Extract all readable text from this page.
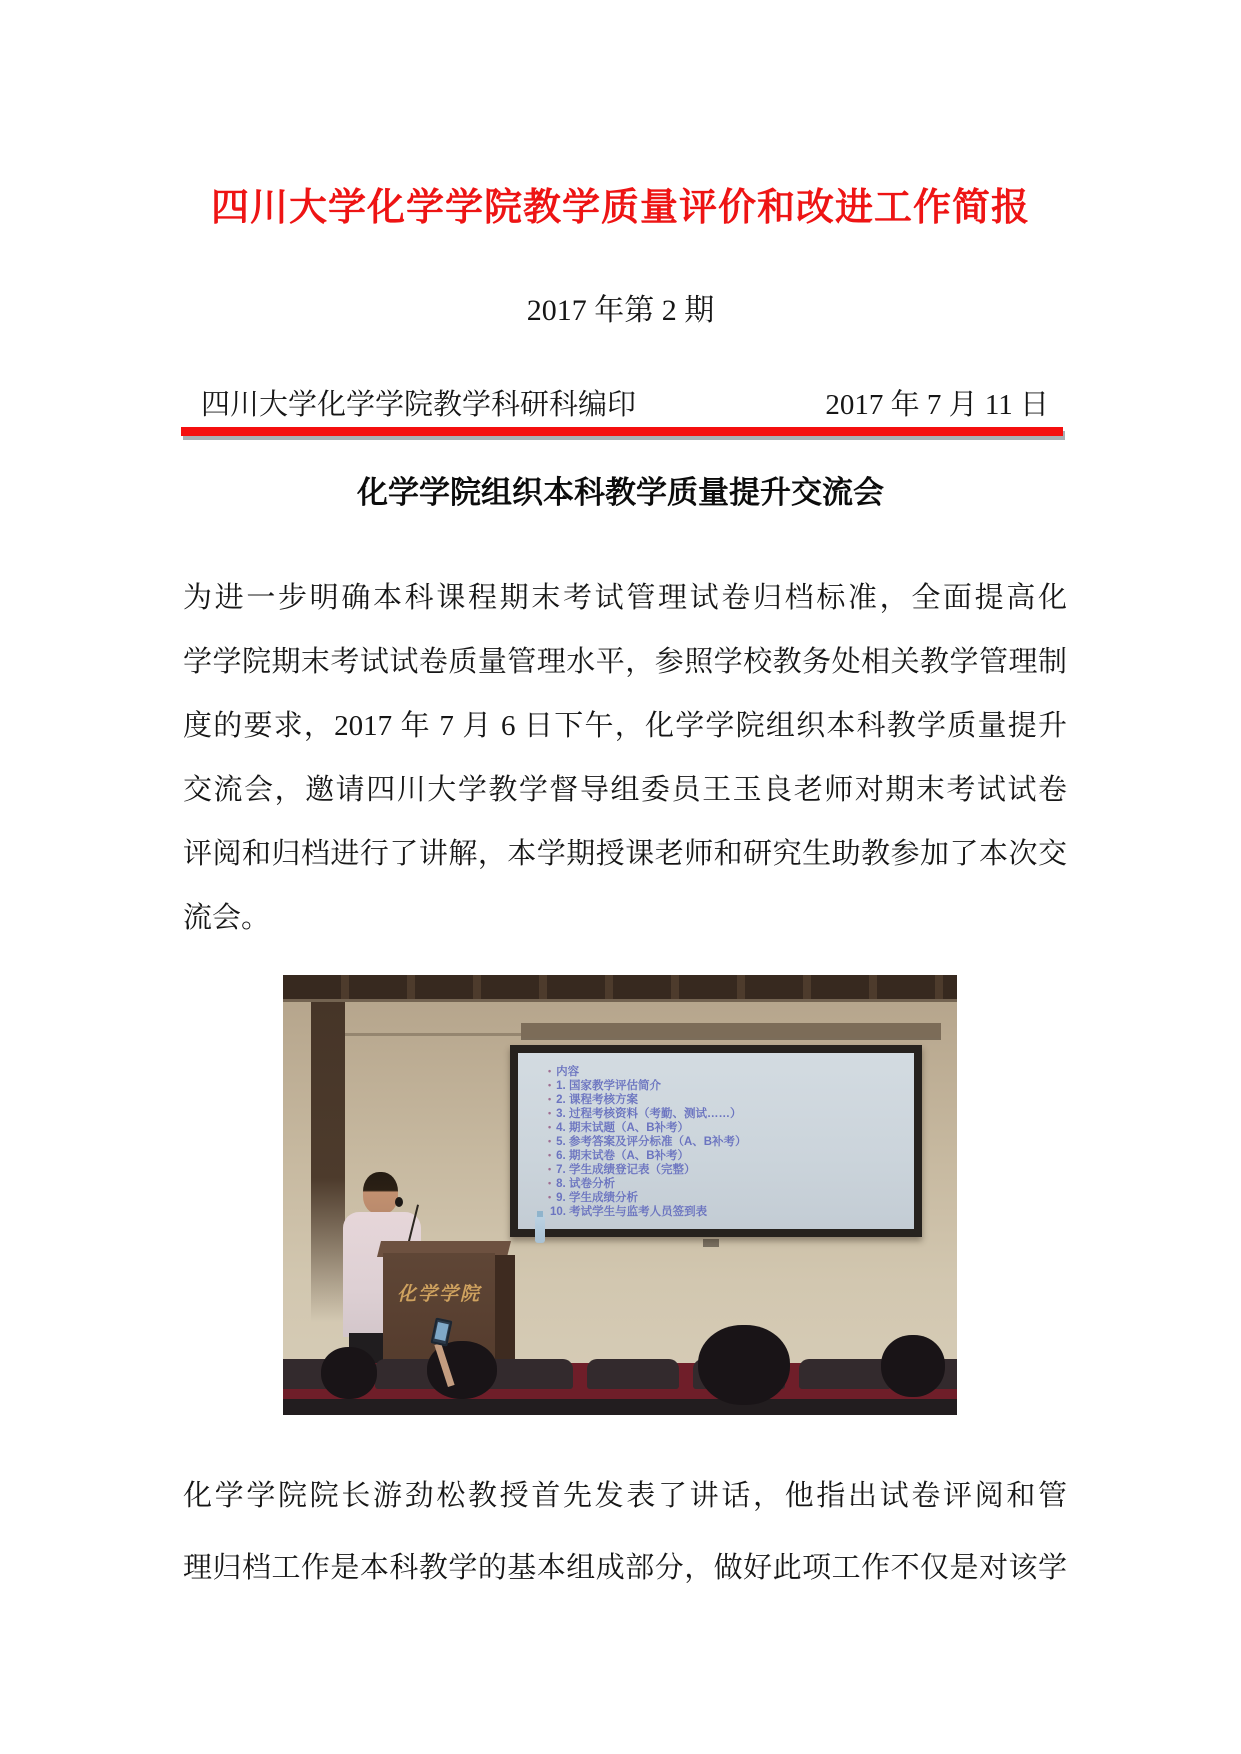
四川大学化学学院教学质量评价和改进工作简报
2017 年第 2 期
四川大学化学学院教学科研科编印	2017 年 7 月 11 日
化学学院组织本科教学质量提升交流会
为进一步明确本科课程期末考试管理试卷归档标准，全面提高化
学学院期末考试试卷质量管理水平，参照学校教务处相关教学管理制
度的要求，2017 年 7 月 6 日下午，化学学院组织本科教学质量提升
交流会，邀请四川大学教学督导组委员王玉良老师对期末考试试卷
评阅和归档进行了讲解，本学期授课老师和研究生助教参加了本次交
流会。
• 内容
• 1. 国家教学评估简介
• 2. 课程考核方案
• 3. 过程考核资料（考勤、测试……）
• 4. 期末试题（A、B补考）
• 5. 参考答案及评分标准（A、B补考）
• 6. 期末试卷（A、B补考）
• 7. 学生成绩登记表（完整）
• 8. 试卷分析
• 9. 学生成绩分析
10. 考试学生与监考人员签到表
化学学院
化学学院院长游劲松教授首先发表了讲话，他指出试卷评阅和管
理归档工作是本科教学的基本组成部分，做好此项工作不仅是对该学
